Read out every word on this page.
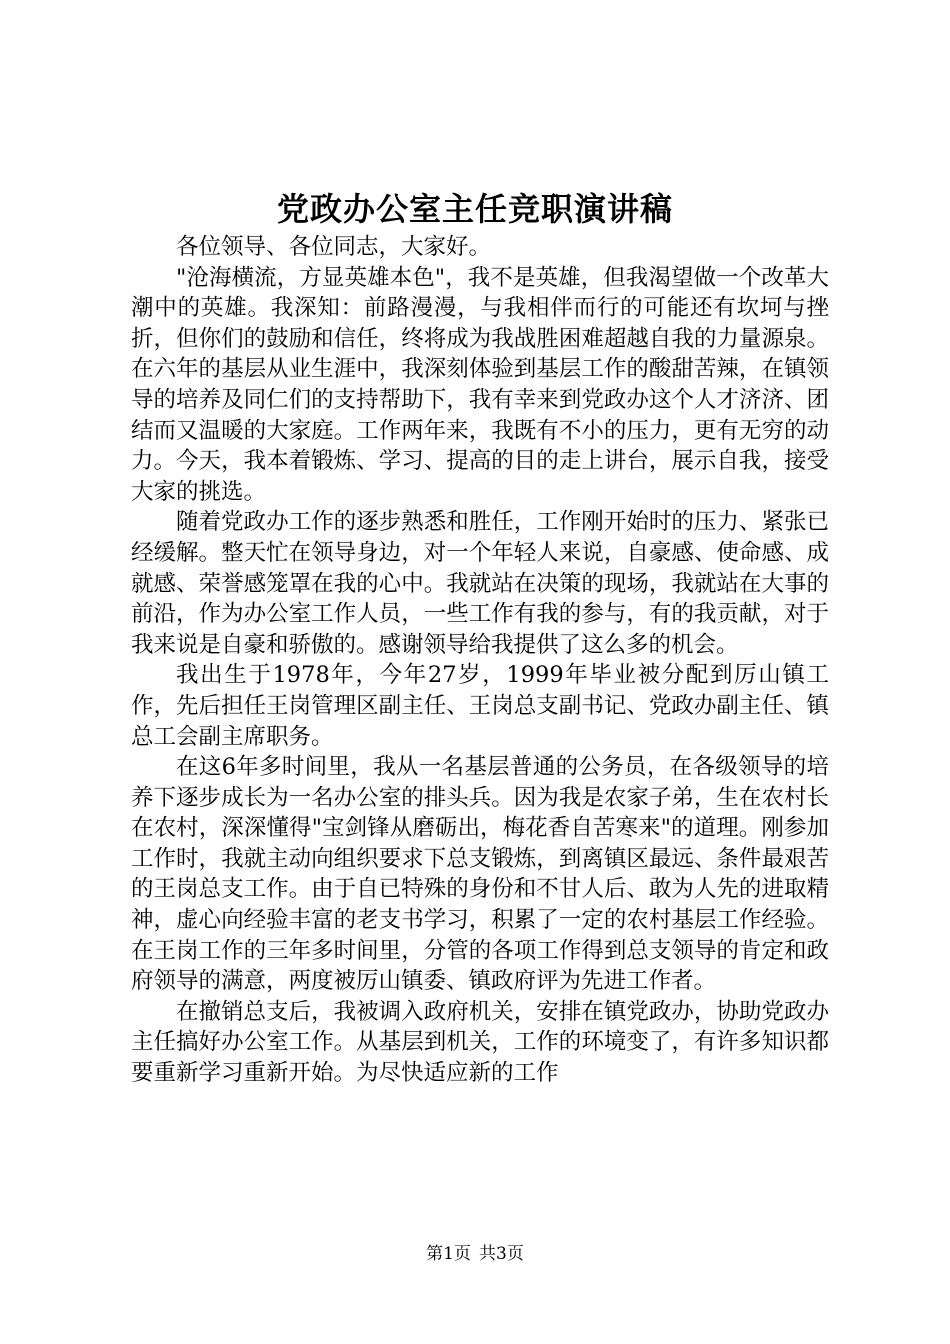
党政办公室主任竞职演讲稿

各位领导、各位同志，大家好。

"沧海横流，方显英雄本色"，我不是英雄，但我渴望做一个改革大潮中的英雄。我深知：前路漫漫，与我相伴而行的可能还有坎坷与挫折，但你们的鼓励和信任，终将成为我战胜困难超越自我的力量源泉。在六年的基层从业生涯中，我深刻体验到基层工作的酸甜苦辣，在镇领导的培养及同仁们的支持帮助下，我有幸来到党政办这个人才济济、团结而又温暖的大家庭。工作两年来，我既有不小的压力，更有无穷的动力。今天，我本着锻炼、学习、提高的目的走上讲台，展示自我，接受大家的挑选。

随着党政办工作的逐步熟悉和胜任，工作刚开始时的压力、紧张已经缓解。整天忙在领导身边，对一个年轻人来说，自豪感、使命感、成就感、荣誉感笼罩在我的心中。我就站在决策的现场，我就站在大事的前沿，作为办公室工作人员，一些工作有我的参与，有的我贡献，对于我来说是自豪和骄傲的。感谢领导给我提供了这么多的机会。

我出生于1978年，今年27岁，1999年毕业被分配到厉山镇工作，先后担任王岗管理区副主任、王岗总支副书记、党政办副主任、镇总工会副主席职务。

在这6年多时间里，我从一名基层普通的公务员，在各级领导的培养下逐步成长为一名办公室的排头兵。因为我是农家子弟，生在农村长在农村，深深懂得"宝剑锋从磨砺出，梅花香自苦寒来"的道理。刚参加工作时，我就主动向组织要求下总支锻炼，到离镇区最远、条件最艰苦的王岗总支工作。由于自已特殊的身份和不甘人后、敢为人先的进取精神，虚心向经验丰富的老支书学习，积累了一定的农村基层工作经验。在王岗工作的三年多时间里，分管的各项工作得到总支领导的肯定和政府领导的满意，两度被厉山镇委、镇政府评为先进工作者。

在撤销总支后，我被调入政府机关，安排在镇党政办，协助党政办主任搞好办公室工作。从基层到机关，工作的环境变了，有许多知识都要重新学习重新开始。为尽快适应新的工作

第1页 共3页
